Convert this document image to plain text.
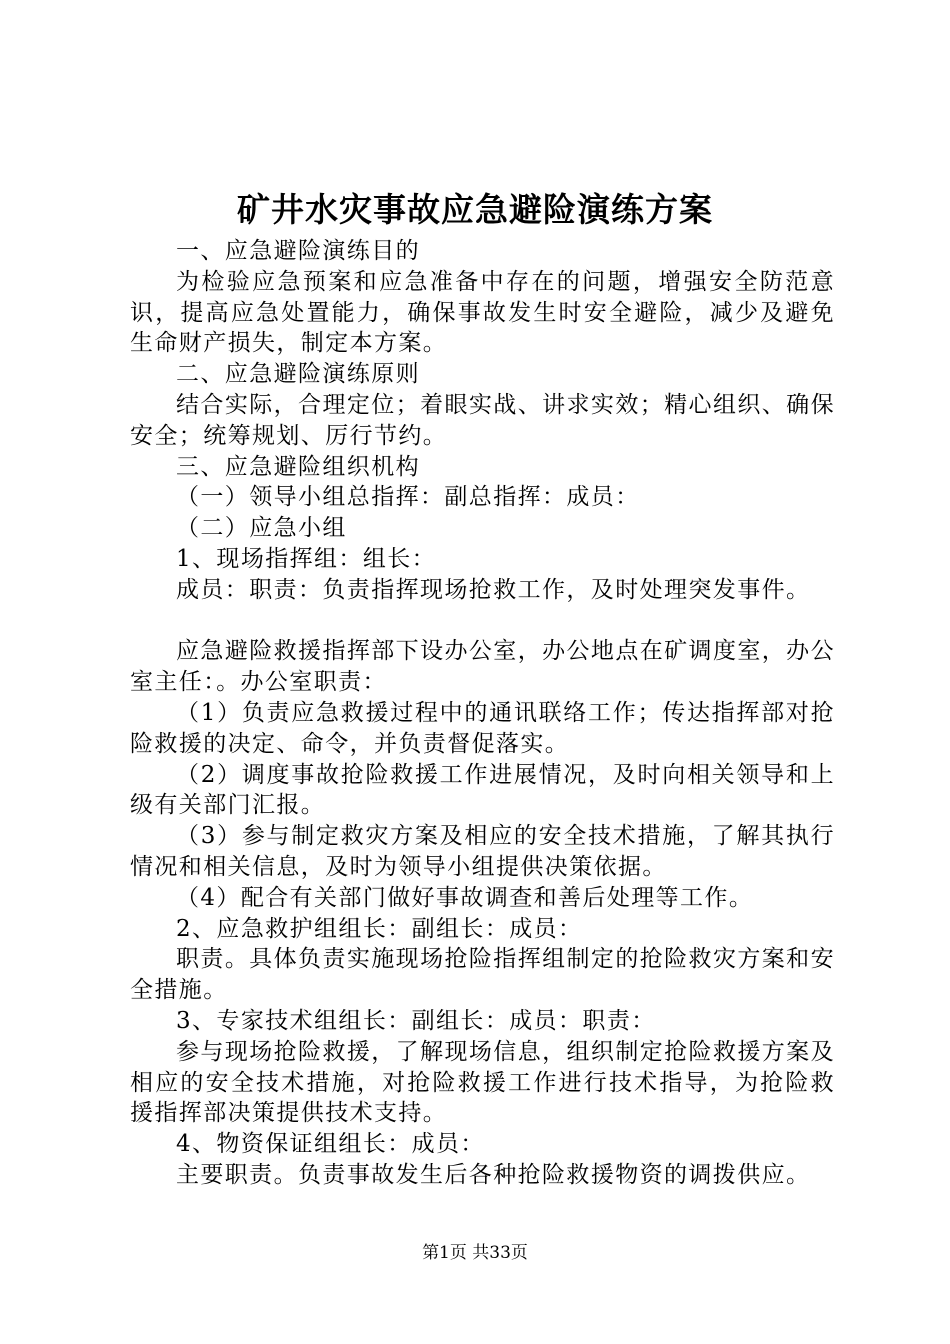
矿井水灾事故应急避险演练方案

一、应急避险演练目的

为检验应急预案和应急准备中存在的问题，增强安全防范意识，提高应急处置能力，确保事故发生时安全避险，减少及避免生命财产损失，制定本方案。

二、应急避险演练原则

结合实际，合理定位；着眼实战、讲求实效；精心组织、确保安全；统筹规划、厉行节约。

三、应急避险组织机构

（一）领导小组总指挥：副总指挥：成员：

（二）应急小组

1、现场指挥组：组长：

成员：职责：负责指挥现场抢救工作，及时处理突发事件。

应急避险救援指挥部下设办公室，办公地点在矿调度室，办公室主任：。办公室职责：

（1）负责应急救援过程中的通讯联络工作；传达指挥部对抢险救援的决定、命令，并负责督促落实。

（2）调度事故抢险救援工作进展情况，及时向相关领导和上级有关部门汇报。

（3）参与制定救灾方案及相应的安全技术措施，了解其执行情况和相关信息，及时为领导小组提供决策依据。

（4）配合有关部门做好事故调查和善后处理等工作。

2、应急救护组组长：副组长：成员：

职责。具体负责实施现场抢险指挥组制定的抢险救灾方案和安全措施。

3、专家技术组组长：副组长：成员：职责：

参与现场抢险救援，了解现场信息，组织制定抢险救援方案及相应的安全技术措施，对抢险救援工作进行技术指导，为抢险救援指挥部决策提供技术支持。

4、物资保证组组长：成员：

主要职责。负责事故发生后各种抢险救援物资的调拨供应。

第1页 共33页
